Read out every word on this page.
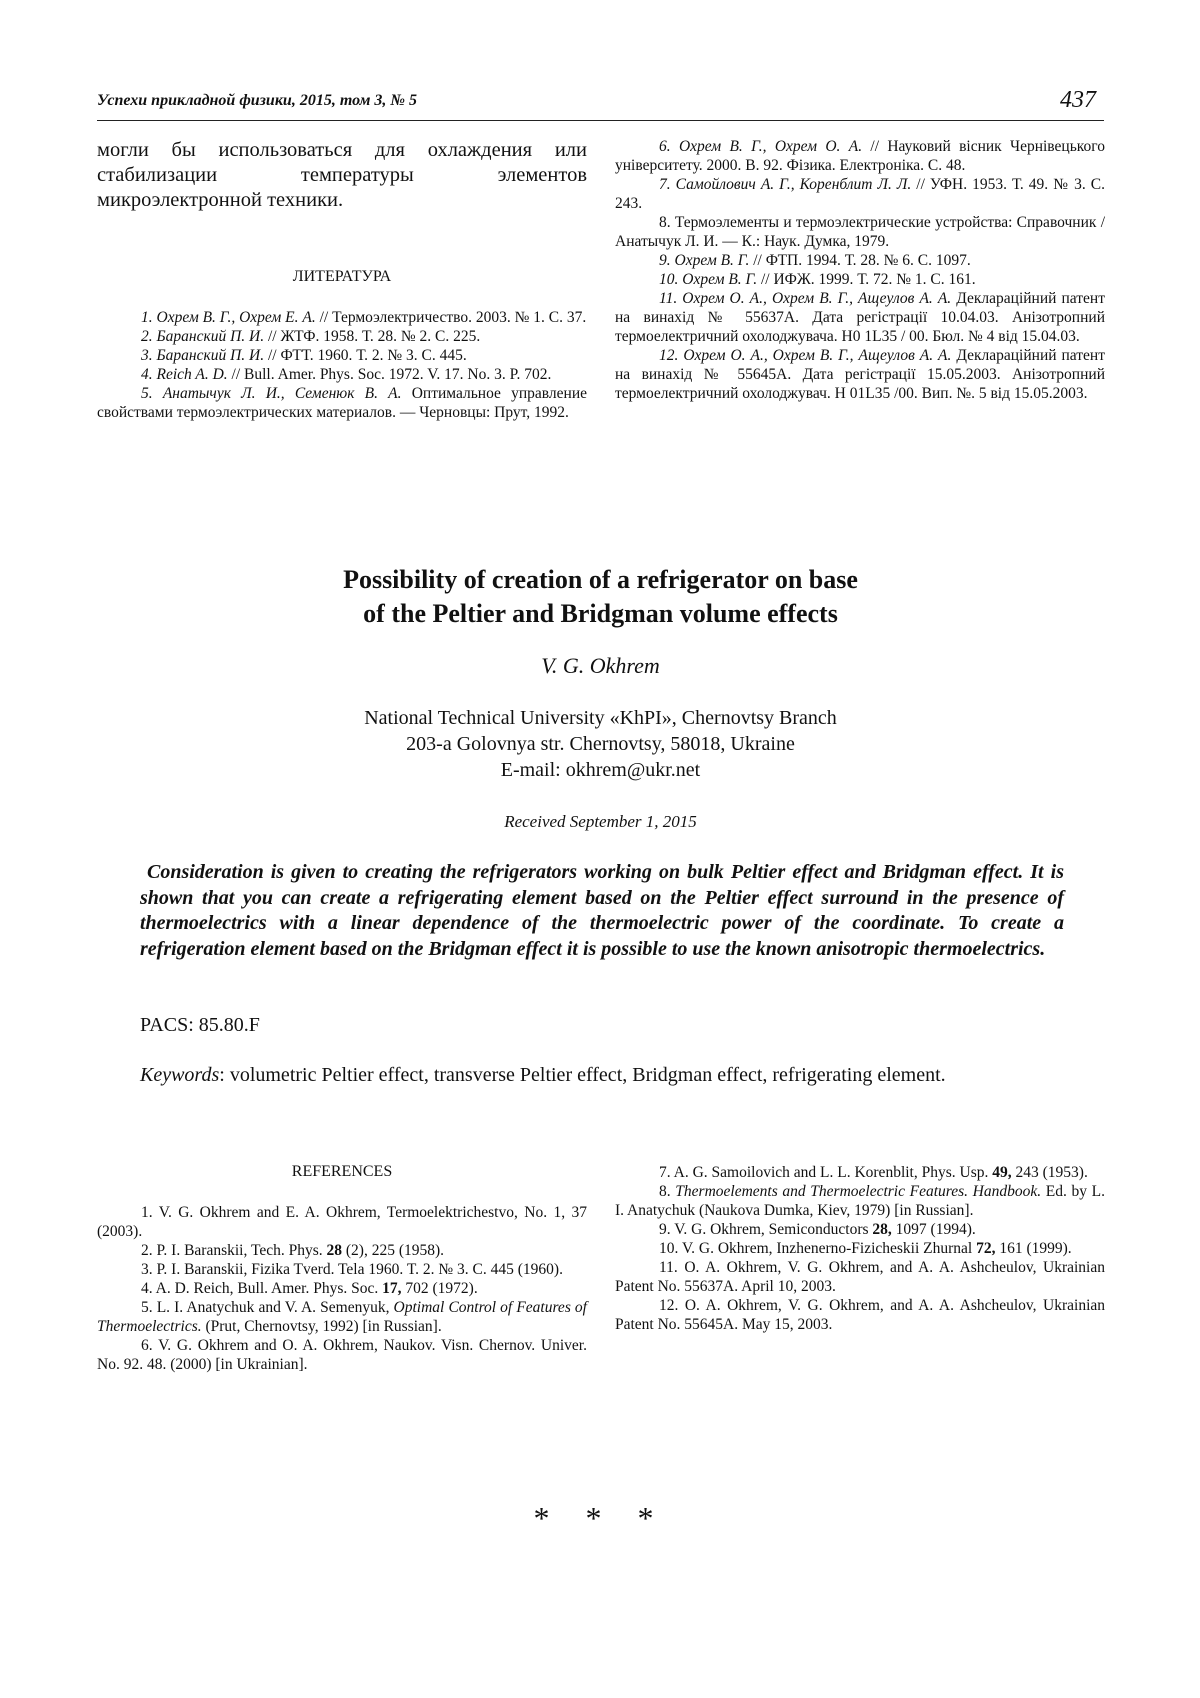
Успехи прикладной физики, 2015, том 3, № 5	437
могли бы использоваться для охлаждения или стабилизации температуры элементов микроэлектронной техники.
ЛИТЕРАТУРА
1. Охрем В. Г., Охрем Е. А. // Термоэлектричество. 2003. № 1. С. 37.
2. Баранский П. И. // ЖТФ. 1958. Т. 28. № 2. С. 225.
3. Баранский П. И. // ФТТ. 1960. Т. 2. № 3. С. 445.
4. Reich A. D. // Bull. Amer. Phys. Soc. 1972. V. 17. No. 3. P. 702.
5. Анатычук Л. И., Семенюк В. А. Оптимальное управление свойствами термоэлектрических материалов. — Черновцы: Прут, 1992.
6. Охрем В. Г., Охрем О. А. // Науковий вісник Чернівецького університету. 2000. В. 92. Фізика. Електроніка. С. 48.
7. Самойлович А. Г., Коренблит Л. Л. // УФН. 1953. Т. 49. № 3. С. 243.
8. Термоэлементы и термоэлектрические устройства: Справочник / Анатычук Л. И. — К.: Наук. Думка, 1979.
9. Охрем В. Г. // ФТП. 1994. Т. 28. № 6. С. 1097.
10. Охрем В. Г. // ИФЖ. 1999. Т. 72. № 1. С. 161.
11. Охрем О. А., Охрем В. Г., Ащеулов А. А. Деклараційний патент на винахід № 55637А. Дата регістрації 10.04.03. Анізотропний термоелектричний охолоджувача. Н0 1L35 / 00. Бюл. № 4 від 15.04.03.
12. Охрем О. А., Охрем В. Г., Ащеулов А. А. Деклараційний патент на винахід № 55645А. Дата регістрації 15.05.2003. Анізотропний термоелектричний охолоджувач. Н 01L35 /00. Вип. №. 5 від 15.05.2003.
Possibility of creation of a refrigerator on base
of the Peltier and Bridgman volume effects
V. G. Okhrem
National Technical University «KhPI», Chernovtsy Branch
203-a Golovnya str. Chernovtsy, 58018, Ukraine
E-mail: okhrem@ukr.net
Received September 1, 2015
Consideration is given to creating the refrigerators working on bulk Peltier effect and Bridgman effect. It is shown that you can create a refrigerating element based on the Peltier effect surround in the presence of thermoelectrics with a linear dependence of the thermoelectric power of the coordinate. To create a refrigeration element based on the Bridgman effect it is possible to use the known anisotropic thermoelectrics.
PACS: 85.80.F
Keywords: volumetric Peltier effect, transverse Peltier effect, Bridgman effect, refrigerating element.
REFERENCES
1. V. G. Okhrem and E. A. Okhrem, Termoelektrichestvo, No. 1, 37 (2003).
2. P. I. Baranskii, Tech. Phys. 28 (2), 225 (1958).
3. P. I. Baranskii, Fizika Tverd. Tela 1960. T. 2. № 3. C. 445 (1960).
4. A. D. Reich, Bull. Amer. Phys. Soc. 17, 702 (1972).
5. L. I. Anatychuk and V. A. Semenyuk, Optimal Control of Features of Thermoelectrics. (Prut, Chernovtsy, 1992) [in Russian].
6. V. G. Okhrem and O. A. Okhrem, Naukov. Visn. Chernov. Univer. No. 92. 48. (2000) [in Ukrainian].
7. A. G. Samoilovich and L. L. Korenblit, Phys. Usp. 49, 243 (1953).
8. Thermoelements and Thermoelectric Features. Handbook. Ed. by L. I. Anatychuk (Naukova Dumka, Kiev, 1979) [in Russian].
9. V. G. Okhrem, Semiconductors 28, 1097 (1994).
10. V. G. Okhrem, Inzhenerno-Fizicheskii Zhurnal 72, 161 (1999).
11. O. A. Okhrem, V. G. Okhrem, and A. A. Ashcheulov, Ukrainian Patent No. 55637A. April 10, 2003.
12. O. A. Okhrem, V. G. Okhrem, and A. A. Ashcheulov, Ukrainian Patent No. 55645A. May 15, 2003.
* * *
